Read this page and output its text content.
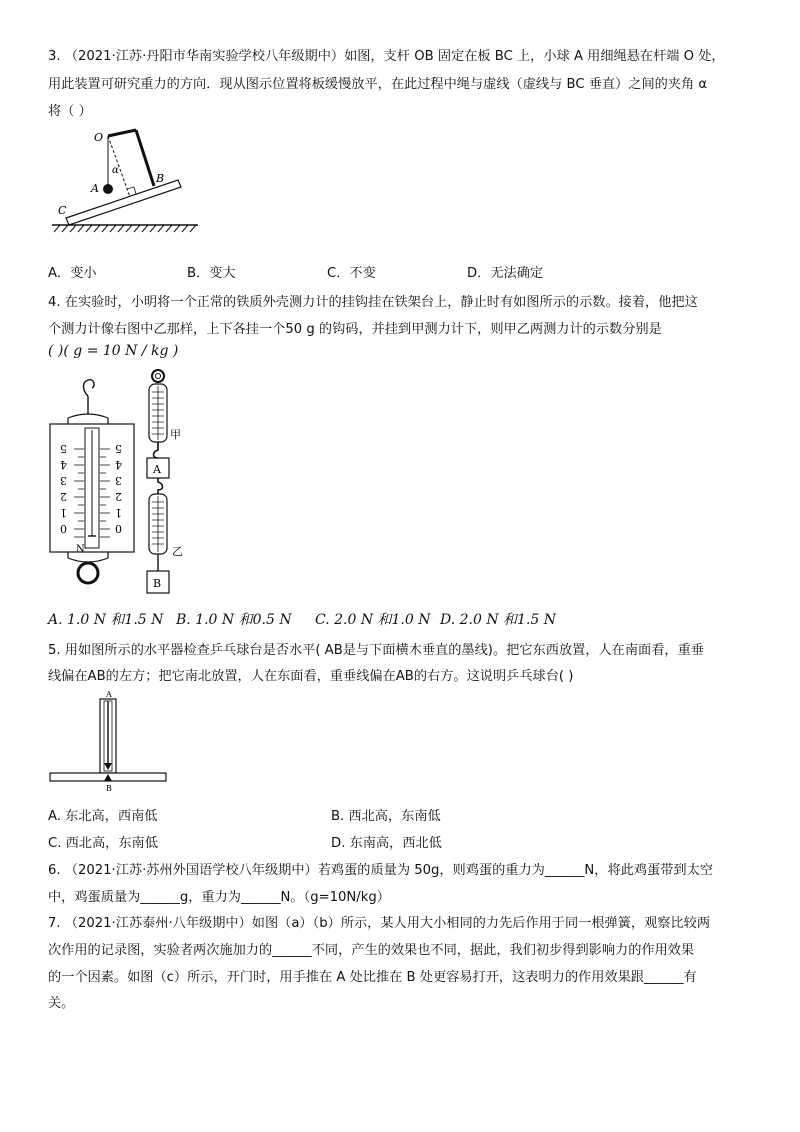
3. （2021·江苏·丹阳市华南实验学校八年级期中）如图，支杆 OB 固定在板 BC 上，小球 A 用细绳悬在杆端 O 处，
用此装置可研究重力的方向．现从图示位置将板缓慢放平，在此过程中绳与虚线（虚线与 BC 垂直）之间的夹角 α
将（ ）
O
α
A
B
C
A．变小	B．变大	C．不变	D．无法确定
4. 在实验时，小明将一个正常的铁质外壳测力计的挂钩挂在铁架台上，静止时有如图所示的示数。接着，他把这
个测力计像右图中乙那样，上下各挂一个50 g 的钩码，并挂到甲测力计下，则甲乙两测力计的示数分别是
( )( g = 10 N / kg )
5
4
3
2
1
0
5
4
3
2
1
0
N
甲
A
乙
B
A. 1.0 N 和1.5 N B. 1.0 N 和0.5 N C. 2.0 N 和1.0 N D. 2.0 N 和1.5 N
5. 用如图所示的水平器检查乒乓球台是否水平( AB是与下面横木垂直的墨线)。把它东西放置，人在南面看，重垂
线偏在AB的左方；把它南北放置，人在东面看，重垂线偏在AB的右方。这说明乒乓球台( )
A
B
A. 东北高，西南低	B. 西北高，东南低
C. 西北高，东南低	D. 东南高，西北低
6. （2021·江苏·苏州外国语学校八年级期中）若鸡蛋的质量为 50g，则鸡蛋的重力为______N，将此鸡蛋带到太空
中，鸡蛋质量为______g，重力为______N。（g=10N/kg）
7. （2021·江苏泰州·八年级期中）如图（a）（b）所示，某人用大小相同的力先后作用于同一根弹簧，观察比较两
次作用的记录图，实验者两次施加力的______不同，产生的效果也不同，据此，我们初步得到影响力的作用效果
的一个因素。如图（c）所示，开门时，用手推在 A 处比推在 B 处更容易打开，这表明力的作用效果跟______有
关。
